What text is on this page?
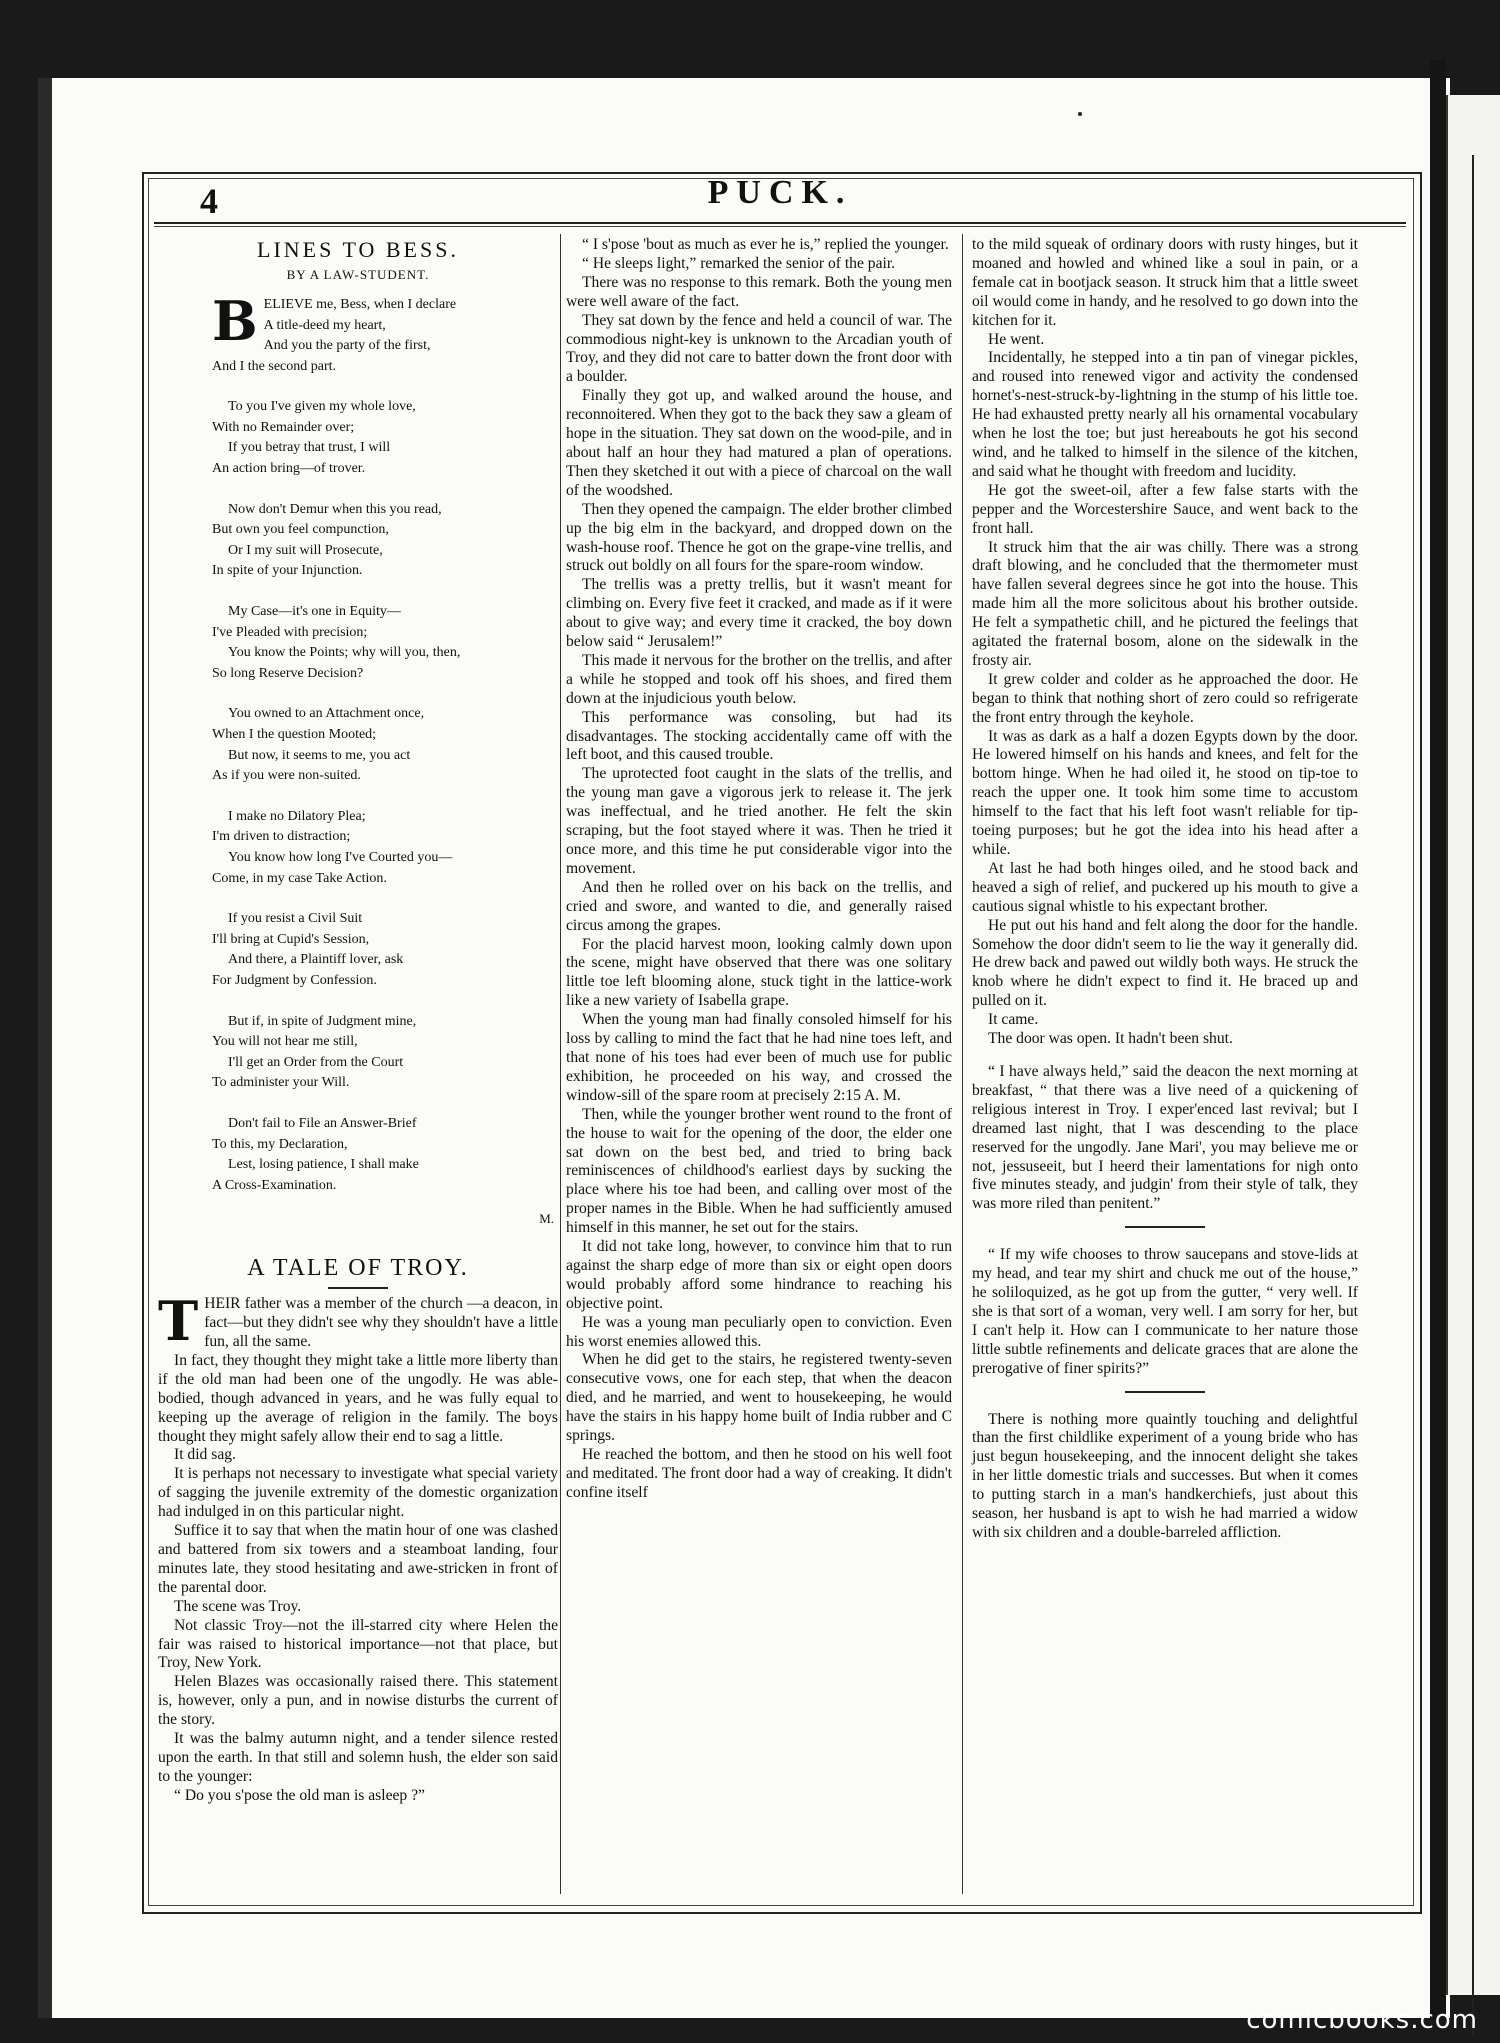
4	PUCK.
LINES TO BESS.
BY A LAW-STUDENT.
B ELIEVE me, Bess, when I declare
A title-deed my heart,
And you the party of the first,
And I the second part.
To you I've given my whole love,
With no Remainder over;
If you betray that trust, I will
An action bring—of trover.
Now don't Demur when this you read,
But own you feel compunction,
Or I my suit will Prosecute,
In spite of your Injunction.
My Case—it's one in Equity—
I've Pleaded with precision;
You know the Points; why will you, then,
So long Reserve Decision?
You owned to an Attachment once,
When I the question Mooted;
But now, it seems to me, you act
As if you were non-suited.
I make no Dilatory Plea;
I'm driven to distraction;
You know how long I've Courted you—
Come, in my case Take Action.
If you resist a Civil Suit
I'll bring at Cupid's Session,
And there, a Plaintiff lover, ask
For Judgment by Confession.
But if, in spite of Judgment mine,
You will not hear me still,
I'll get an Order from the Court
To administer your Will.
Don't fail to File an Answer-Brief
To this, my Declaration,
Lest, losing patience, I shall make
A Cross-Examination.
M.
A TALE OF TROY.

THEIR father was a member of the church —a deacon, in fact—but they didn't see why they shouldn't have a little fun, all the same.

In fact, they thought they might take a little more liberty than if the old man had been one of the ungodly. He was able-bodied, though advanced in years, and he was fully equal to keeping up the average of religion in the family. The boys thought they might safely allow their end to sag a little.

It did sag.

It is perhaps not necessary to investigate what special variety of sagging the juvenile extremity of the domestic organization had indulged in on this particular night.

Suffice it to say that when the matin hour of one was clashed and battered from six towers and a steamboat landing, four minutes late, they stood hesitating and awe-stricken in front of the parental door.

The scene was Troy.

Not classic Troy—not the ill-starred city where Helen the fair was raised to historical importance—not that place, but Troy, New York.

Helen Blazes was occasionally raised there. This statement is, however, only a pun, and in nowise disturbs the current of the story.

It was the balmy autumn night, and a tender silence rested upon the earth. In that still and solemn hush, the elder son said to the younger:

“ Do you s'pose the old man is asleep ?”

“ I s'pose 'bout as much as ever he is,” replied the younger.

“ He sleeps light,” remarked the senior of the pair.

There was no response to this remark. Both the young men were well aware of the fact.

They sat down by the fence and held a council of war. The commodious night-key is unknown to the Arcadian youth of Troy, and they did not care to batter down the front door with a boulder.

Finally they got up, and walked around the house, and reconnoitered. When they got to the back they saw a gleam of hope in the situation. They sat down on the wood-pile, and in about half an hour they had matured a plan of operations. Then they sketched it out with a piece of charcoal on the wall of the woodshed.

Then they opened the campaign. The elder brother climbed up the big elm in the backyard, and dropped down on the wash-house roof. Thence he got on the grape-vine trellis, and struck out boldly on all fours for the spare-room window.

The trellis was a pretty trellis, but it wasn't meant for climbing on. Every five feet it cracked, and made as if it were about to give way; and every time it cracked, the boy down below said “ Jerusalem!”

This made it nervous for the brother on the trellis, and after a while he stopped and took off his shoes, and fired them down at the injudicious youth below.

This performance was consoling, but had its disadvantages. The stocking accidentally came off with the left boot, and this caused trouble.

The uprotected foot caught in the slats of the trellis, and the young man gave a vigorous jerk to release it. The jerk was ineffectual, and he tried another. He felt the skin scraping, but the foot stayed where it was. Then he tried it once more, and this time he put considerable vigor into the movement.

And then he rolled over on his back on the trellis, and cried and swore, and wanted to die, and generally raised circus among the grapes.

For the placid harvest moon, looking calmly down upon the scene, might have observed that there was one solitary little toe left blooming alone, stuck tight in the lattice-work like a new variety of Isabella grape.

When the young man had finally consoled himself for his loss by calling to mind the fact that he had nine toes left, and that none of his toes had ever been of much use for public exhibition, he proceeded on his way, and crossed the window-sill of the spare room at precisely 2:15 A. M.

Then, while the younger brother went round to the front of the house to wait for the opening of the door, the elder one sat down on the best bed, and tried to bring back reminiscences of childhood's earliest days by sucking the place where his toe had been, and calling over most of the proper names in the Bible. When he had sufficiently amused himself in this manner, he set out for the stairs.

It did not take long, however, to convince him that to run against the sharp edge of more than six or eight open doors would probably afford some hindrance to reaching his objective point.

He was a young man peculiarly open to conviction. Even his worst enemies allowed this.

When he did get to the stairs, he registered twenty-seven consecutive vows, one for each step, that when the deacon died, and he married, and went to housekeeping, he would have the stairs in his happy home built of India rubber and C springs.

He reached the bottom, and then he stood on his well foot and meditated. The front door had a way of creaking. It didn't confine itself

to the mild squeak of ordinary doors with rusty hinges, but it moaned and howled and whined like a soul in pain, or a female cat in bootjack season. It struck him that a little sweet oil would come in handy, and he resolved to go down into the kitchen for it.

He went.

Incidentally, he stepped into a tin pan of vinegar pickles, and roused into renewed vigor and activity the condensed hornet's-nest-struck-by-lightning in the stump of his little toe. He had exhausted pretty nearly all his ornamental vocabulary when he lost the toe; but just hereabouts he got his second wind, and he talked to himself in the silence of the kitchen, and said what he thought with freedom and lucidity.

He got the sweet-oil, after a few false starts with the pepper and the Worcestershire Sauce, and went back to the front hall.

It struck him that the air was chilly. There was a strong draft blowing, and he concluded that the thermometer must have fallen several degrees since he got into the house. This made him all the more solicitous about his brother outside. He felt a sympathetic chill, and he pictured the feelings that agitated the fraternal bosom, alone on the sidewalk in the frosty air.

It grew colder and colder as he approached the door. He began to think that nothing short of zero could so refrigerate the front entry through the keyhole.

It was as dark as a half a dozen Egypts down by the door. He lowered himself on his hands and knees, and felt for the bottom hinge. When he had oiled it, he stood on tip-toe to reach the upper one. It took him some time to accustom himself to the fact that his left foot wasn't reliable for tip-toeing purposes; but he got the idea into his head after a while.

At last he had both hinges oiled, and he stood back and heaved a sigh of relief, and puckered up his mouth to give a cautious signal whistle to his expectant brother.

He put out his hand and felt along the door for the handle. Somehow the door didn't seem to lie the way it generally did. He drew back and pawed out wildly both ways. He struck the knob where he didn't expect to find it. He braced up and pulled on it.

It came.

The door was open. It hadn't been shut.

“ I have always held,” said the deacon the next morning at breakfast, “ that there was a live need of a quickening of religious interest in Troy. I exper'enced last revival; but I dreamed last night, that I was descending to the place reserved for the ungodly. Jane Mari', you may believe me or not, jessuseeit, but I heerd their lamentations for nigh onto five minutes steady, and judgin' from their style of talk, they was more riled than penitent.”

“ If my wife chooses to throw saucepans and stove-lids at my head, and tear my shirt and chuck me out of the house,” he soliloquized, as he got up from the gutter, “ very well. If she is that sort of a woman, very well. I am sorry for her, but I can't help it. How can I communicate to her nature those little subtle refinements and delicate graces that are alone the prerogative of finer spirits?”

There is nothing more quaintly touching and delightful than the first childlike experiment of a young bride who has just begun housekeeping, and the innocent delight she takes in her little domestic trials and successes. But when it comes to putting starch in a man's handkerchiefs, just about this season, her husband is apt to wish he had married a widow with six children and a double-barreled affliction.

comicbooks.com
